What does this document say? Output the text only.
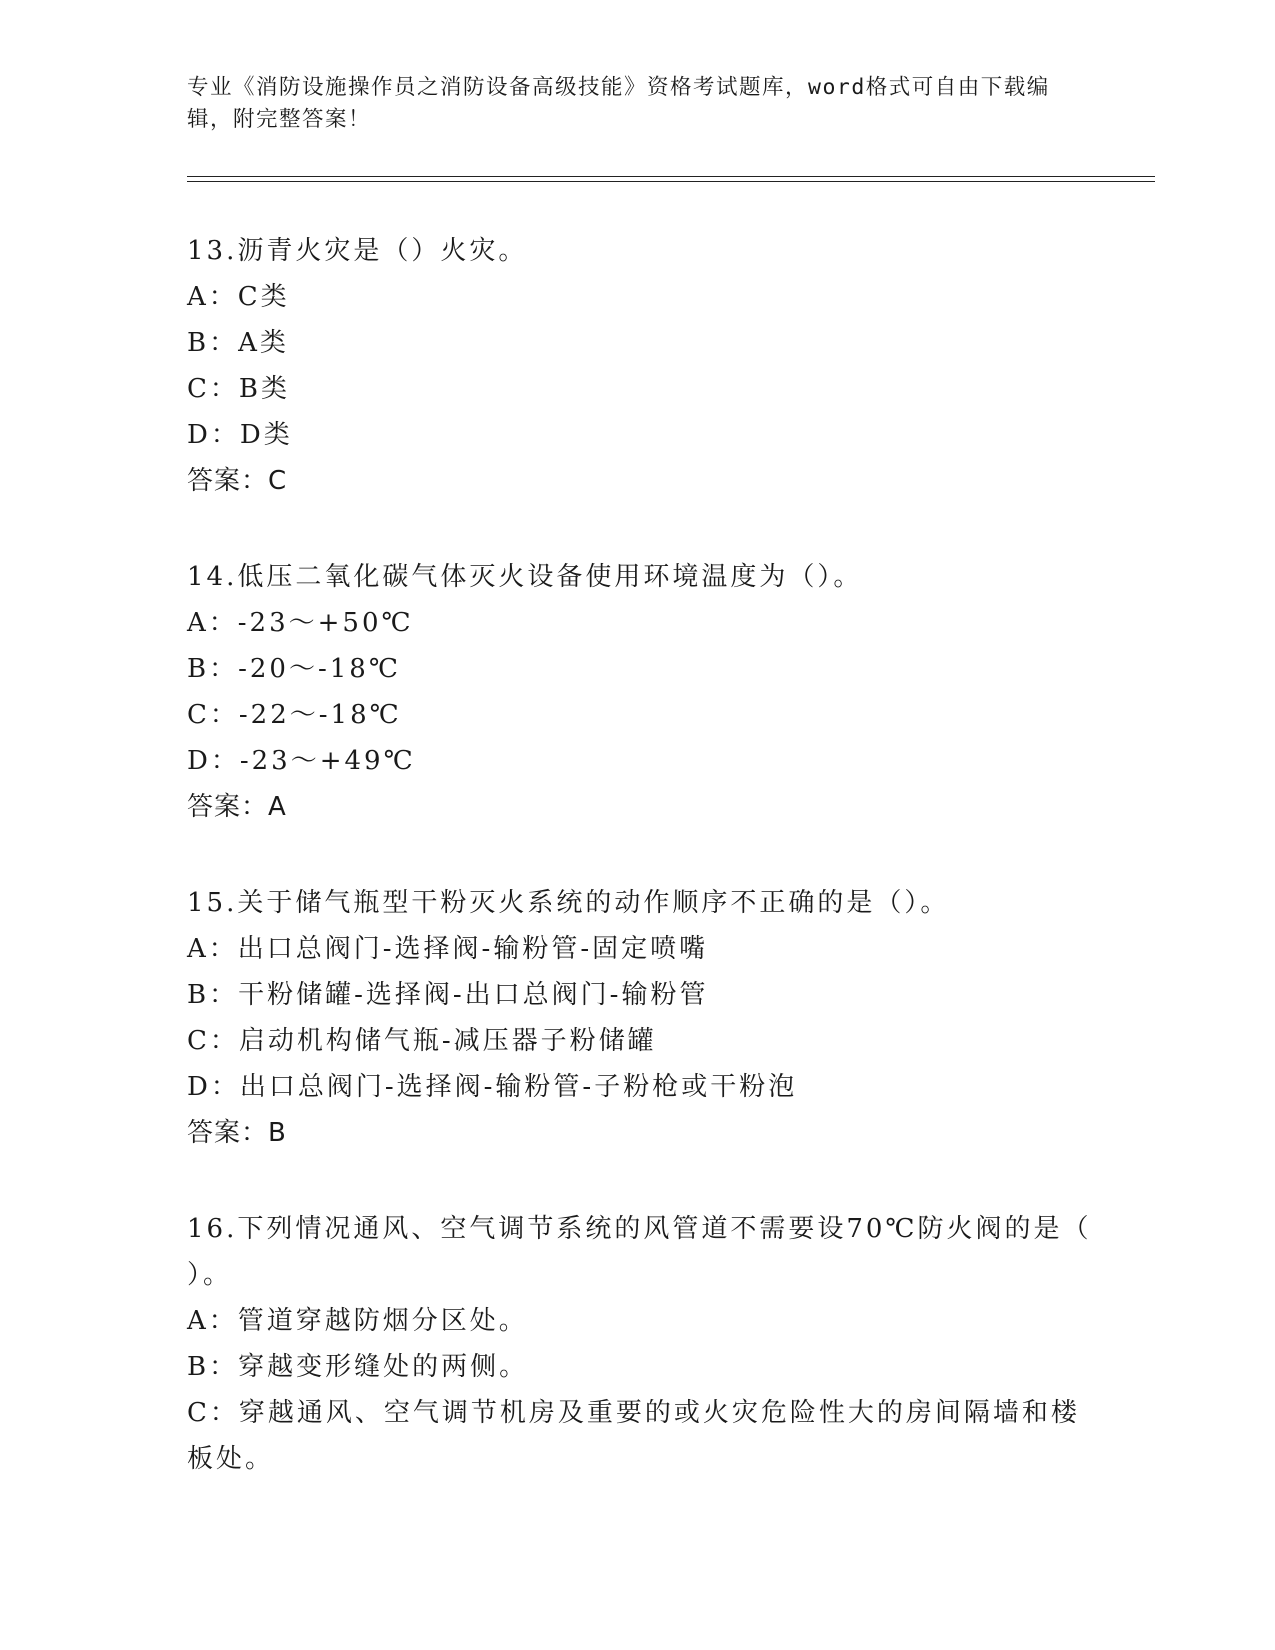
专业《消防设施操作员之消防设备高级技能》资格考试题库，word格式可自由下载编辑，附完整答案！
13.沥青火灾是（）火灾。
A：C类
B：A类
C：B类
D：D类
答案：C
14.低压二氧化碳气体灭火设备使用环境温度为（）。
A：-23～+50℃
B：-20～-18℃
C：-22～-18℃
D：-23～+49℃
答案：A
15.关于储气瓶型干粉灭火系统的动作顺序不正确的是（）。
A：出口总阀门-选择阀-输粉管-固定喷嘴
B：干粉储罐-选择阀-出口总阀门-输粉管
C：启动机构储气瓶-减压器子粉储罐
D：出口总阀门-选择阀-输粉管-子粉枪或干粉泡
答案：B
16.下列情况通风、空气调节系统的风管道不需要设70℃防火阀的是（
）。
A：管道穿越防烟分区处。
B：穿越变形缝处的两侧。
C：穿越通风、空气调节机房及重要的或火灾危险性大的房间隔墙和楼
板处。
